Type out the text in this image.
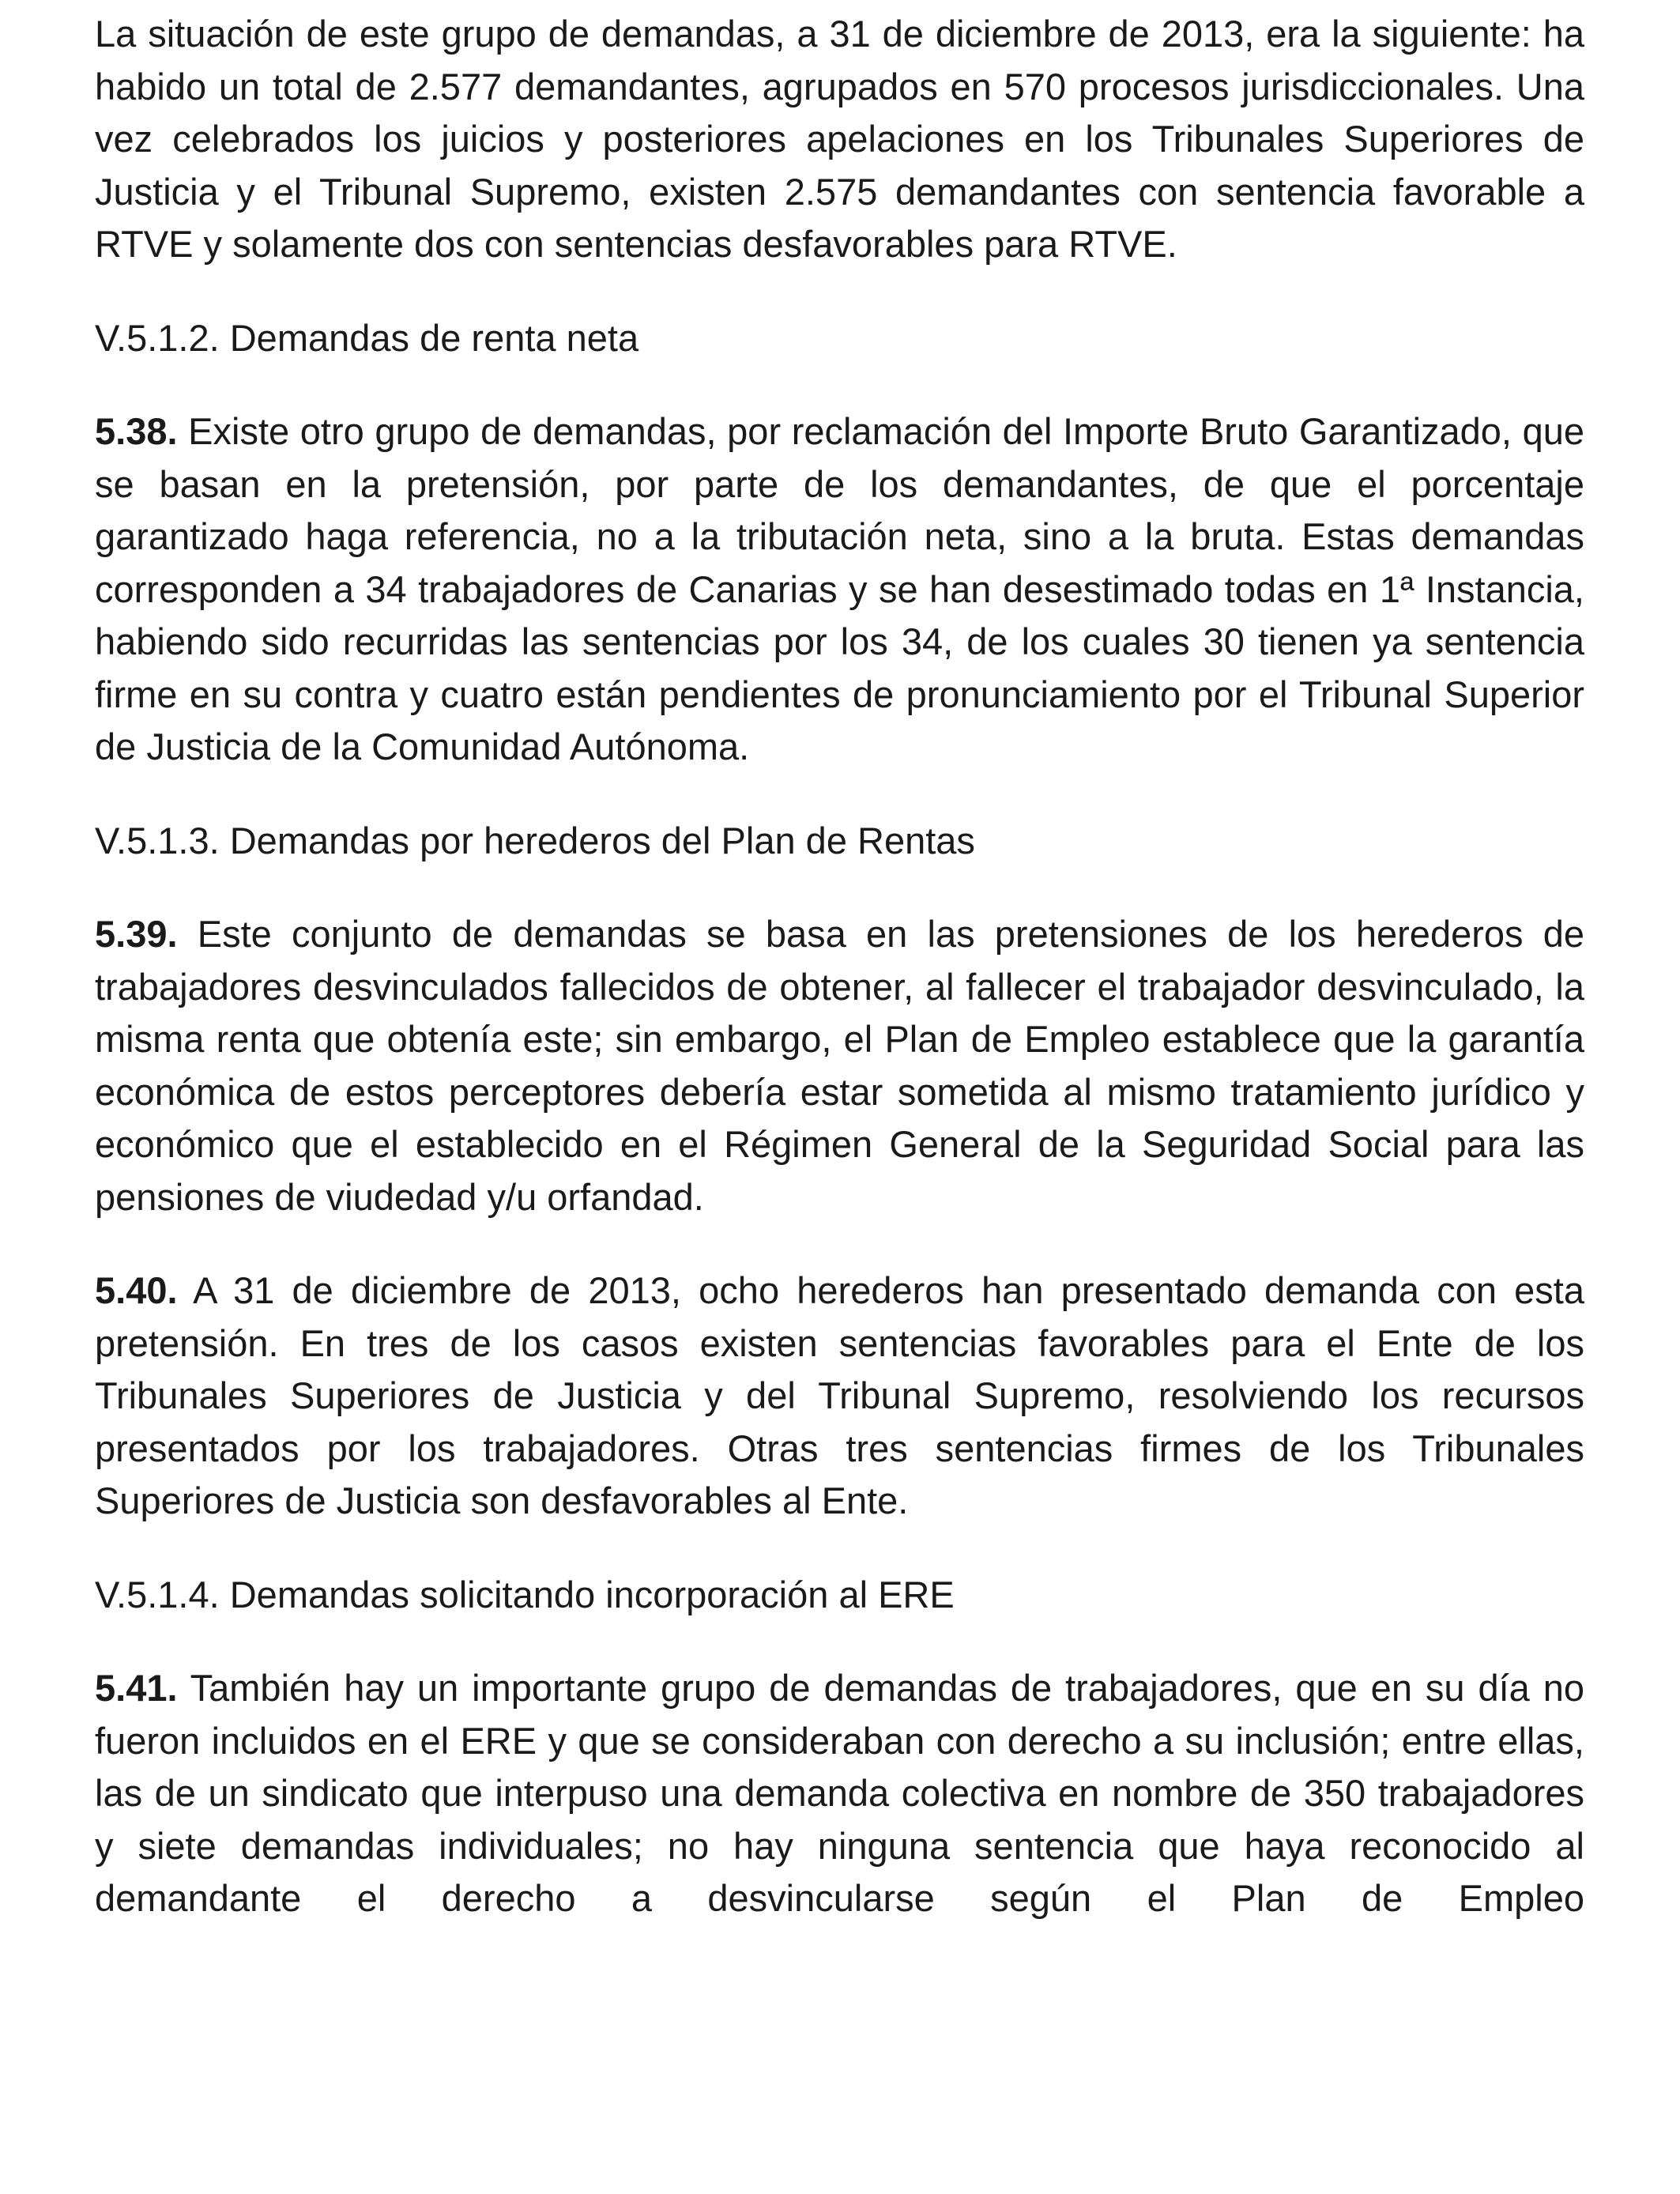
La situación de este grupo de demandas, a 31 de diciembre de 2013, era la siguiente: ha habido un total de 2.577 demandantes, agrupados en 570 procesos jurisdiccionales. Una vez celebrados los juicios y posteriores apelaciones en los Tribunales Superiores de Justicia y el Tribunal Supremo, existen 2.575 demandantes con sentencia favorable a RTVE y solamente dos con sentencias desfavorables para RTVE.

V.5.1.2. Demandas de renta neta

5.38. Existe otro grupo de demandas, por reclamación del Importe Bruto Garantizado, que se basan en la pretensión, por parte de los demandantes, de que el porcentaje garantizado haga referencia, no a la tributación neta, sino a la bruta. Estas demandas corresponden a 34 trabajadores de Canarias y se han desestimado todas en 1ª Instancia, habiendo sido recurridas las sentencias por los 34, de los cuales 30 tienen ya sentencia firme en su contra y cuatro están pendientes de pronunciamiento por el Tribunal Superior de Justicia de la Comunidad Autónoma.

V.5.1.3. Demandas por herederos del Plan de Rentas

5.39. Este conjunto de demandas se basa en las pretensiones de los herederos de trabajadores desvinculados fallecidos de obtener, al fallecer el trabajador desvinculado, la misma renta que obtenía este; sin embargo, el Plan de Empleo establece que la garantía económica de estos perceptores debería estar sometida al mismo tratamiento jurídico y económico que el establecido en el Régimen General de la Seguridad Social para las pensiones de viudedad y/u orfandad.

5.40. A 31 de diciembre de 2013, ocho herederos han presentado demanda con esta pretensión. En tres de los casos existen sentencias favorables para el Ente de los Tribunales Superiores de Justicia y del Tribunal Supremo, resolviendo los recursos presentados por los trabajadores. Otras tres sentencias firmes de los Tribunales Superiores de Justicia son desfavorables al Ente.

V.5.1.4. Demandas solicitando incorporación al ERE

5.41. También hay un importante grupo de demandas de trabajadores, que en su día no fueron incluidos en el ERE y que se consideraban con derecho a su inclusión; entre ellas, las de un sindicato que interpuso una demanda colectiva en nombre de 350 trabajadores y siete demandas individuales; no hay ninguna sentencia que haya reconocido al demandante el derecho a desvincularse según el Plan de Empleo
